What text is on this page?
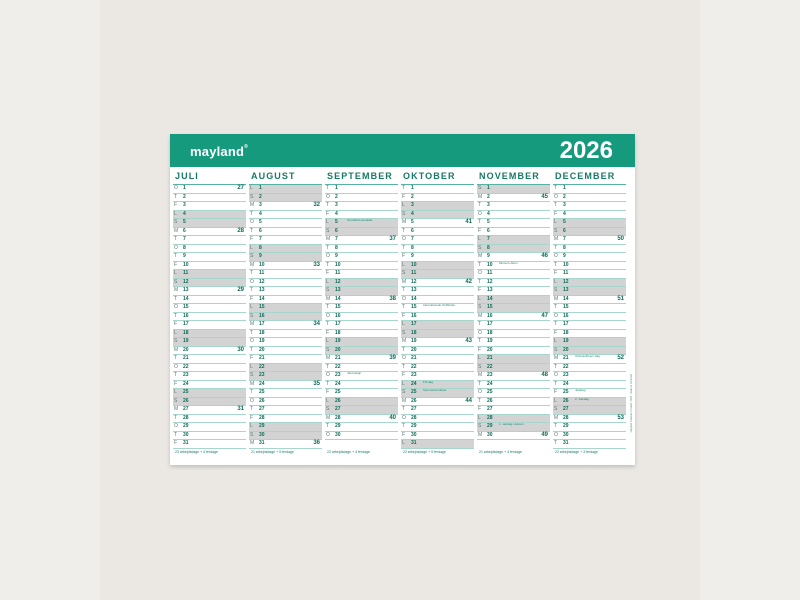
mayland®	2026
JULI
O	1	27
T	2
F	3
L	4
S	5
M 6	28
T	7
O	8
T	9
F	10
L	11
S	12
M 13	29
T	14
O	15
T	16
F	17
L	18
S	19
M 20	30
T	21
O	22
T	23
F	24
L	25
S	26
M 27	31
T	28
O	29
T	30
F	31
23 arbejdsdage + 4 ferdage
AUGUST
L	1
S	2
M 3	32
T	4
O	5
T	6
F	7
L	8
S	9
M 10	33
T	11
O	12
T	13
F	14
L	15
S	16
M 17	34
T	18
O	19
T	20
F	21
L	22
S	23
M 24	35
T	25
O	26
T	27
F	28
L	29
S	30
M 31	36
21 arbejdsdage + 5 ferdage
SEPTEMBER
T	1
O	2
T	3
F	4
L	5	Grundlovs-ameldte
S	6
M 7	37
T	8
O	9
T	10
F	11
L	12
S	13
M 14	38
T	15
O	16
T	17
F	18
L	19
S	20
M 21	39
T	22
O	23 Jævndøgn
T	24
F	25
L	26
S	27
M 28	40
T	29
O	30
22 arbejdsdage + 4 ferdage
OKTOBER
T	1
F	2
L	3
S	4
M 5	41
T	6
O	7
T	8
F	9
L	10
S	11
M 12	42
T	13
O	14
T	15 Internationale Ordblinde
F	16
L	17
S	18
M 19	43
T	20
O	21
T	22
F	23
L	24 FN-dag
S	25 Sommertid slutter
M 26	44
T	27
O	28
T	29
F	30
L	31
22 arbejdsdage + 5 ferdage
NOVEMBER
S	1
M 2	45
T	3
O	4
T	5
F	6
L	7
S	8
M 9	46
T	10 Mortens Aften
O	11
T	12
F	13
L	14
S	15
M 16	47
T	17
O	18
T	19
F	20
L	21
S	22
M 23	48
T	24
O	25
T	26
F	27
L	28
S	29 1. søndag i advent
M 30	49
21 arbejdsdage + 4 ferdage
DECEMBER
T	1
O	2
T	3
F	4
L	5
S	6
M 7	50
T	8
O	9
T	10
F	11
L	12
S	13
M 14	51
T	15
O	16
T	17
F	18
L	19
S	20
M 21 Vintersolhverv dag	52
T	22
O	23
T	24
F	25 Juledag
L	26 2. Juledag
S	27
M 28	53
T	29
O	30
T	31
22 arbejdsdage + 3 ferdage
Mayland Kalender Produkt. 2026 · Made in Denmark
